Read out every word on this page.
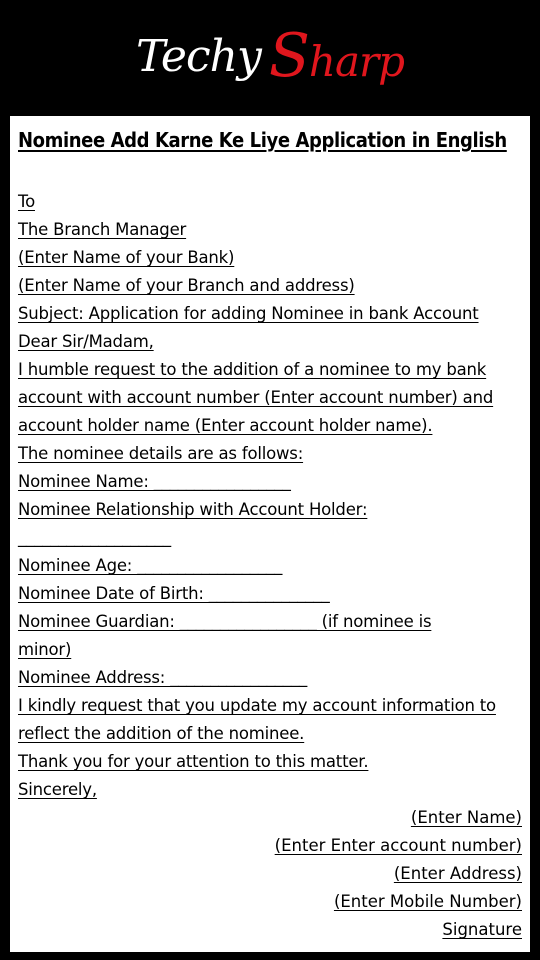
Techy Sharp
Nominee Add Karne Ke Liye Application in English
To
The Branch Manager
(Enter Name of your Bank)
(Enter Name of your Branch and address)
Subject: Application for adding Nominee in bank Account
Dear Sir/Madam,
I humble request to the addition of a nominee to my bank
account with account number (Enter account number) and
account holder name (Enter account holder name).
The nominee details are as follows:
Nominee Name: _________________
Nominee Relationship with Account Holder:
___________________
Nominee Age: __________________
Nominee Date of Birth: _______________
Nominee Guardian: _________________ (if nominee is
minor)
Nominee Address: _________________
I kindly request that you update my account information to
reflect the addition of the nominee.
Thank you for your attention to this matter.
Sincerely,
(Enter Name)
(Enter Enter account number)
(Enter Address)
(Enter Mobile Number)
Signature
